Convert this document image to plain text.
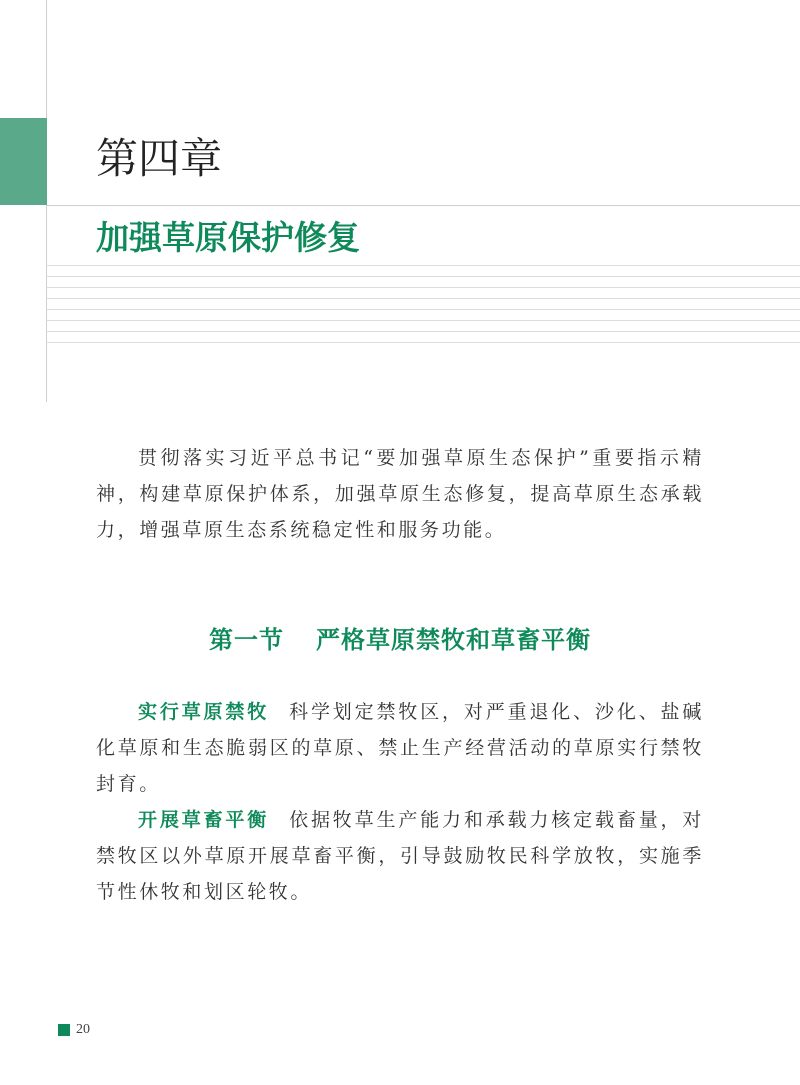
第四章
加强草原保护修复

贯彻落实习近平总书记“要加强草原生态保护”重要指示精神，构建草原保护体系，加强草原生态修复，提高草原生态承载力，增强草原生态系统稳定性和服务功能。

第一节 严格草原禁牧和草畜平衡

实行草原禁牧 科学划定禁牧区，对严重退化、沙化、盐碱化草原和生态脆弱区的草原、禁止生产经营活动的草原实行禁牧封育。

开展草畜平衡 依据牧草生产能力和承载力核定载畜量，对禁牧区以外草原开展草畜平衡，引导鼓励牧民科学放牧，实施季节性休牧和划区轮牧。

20
